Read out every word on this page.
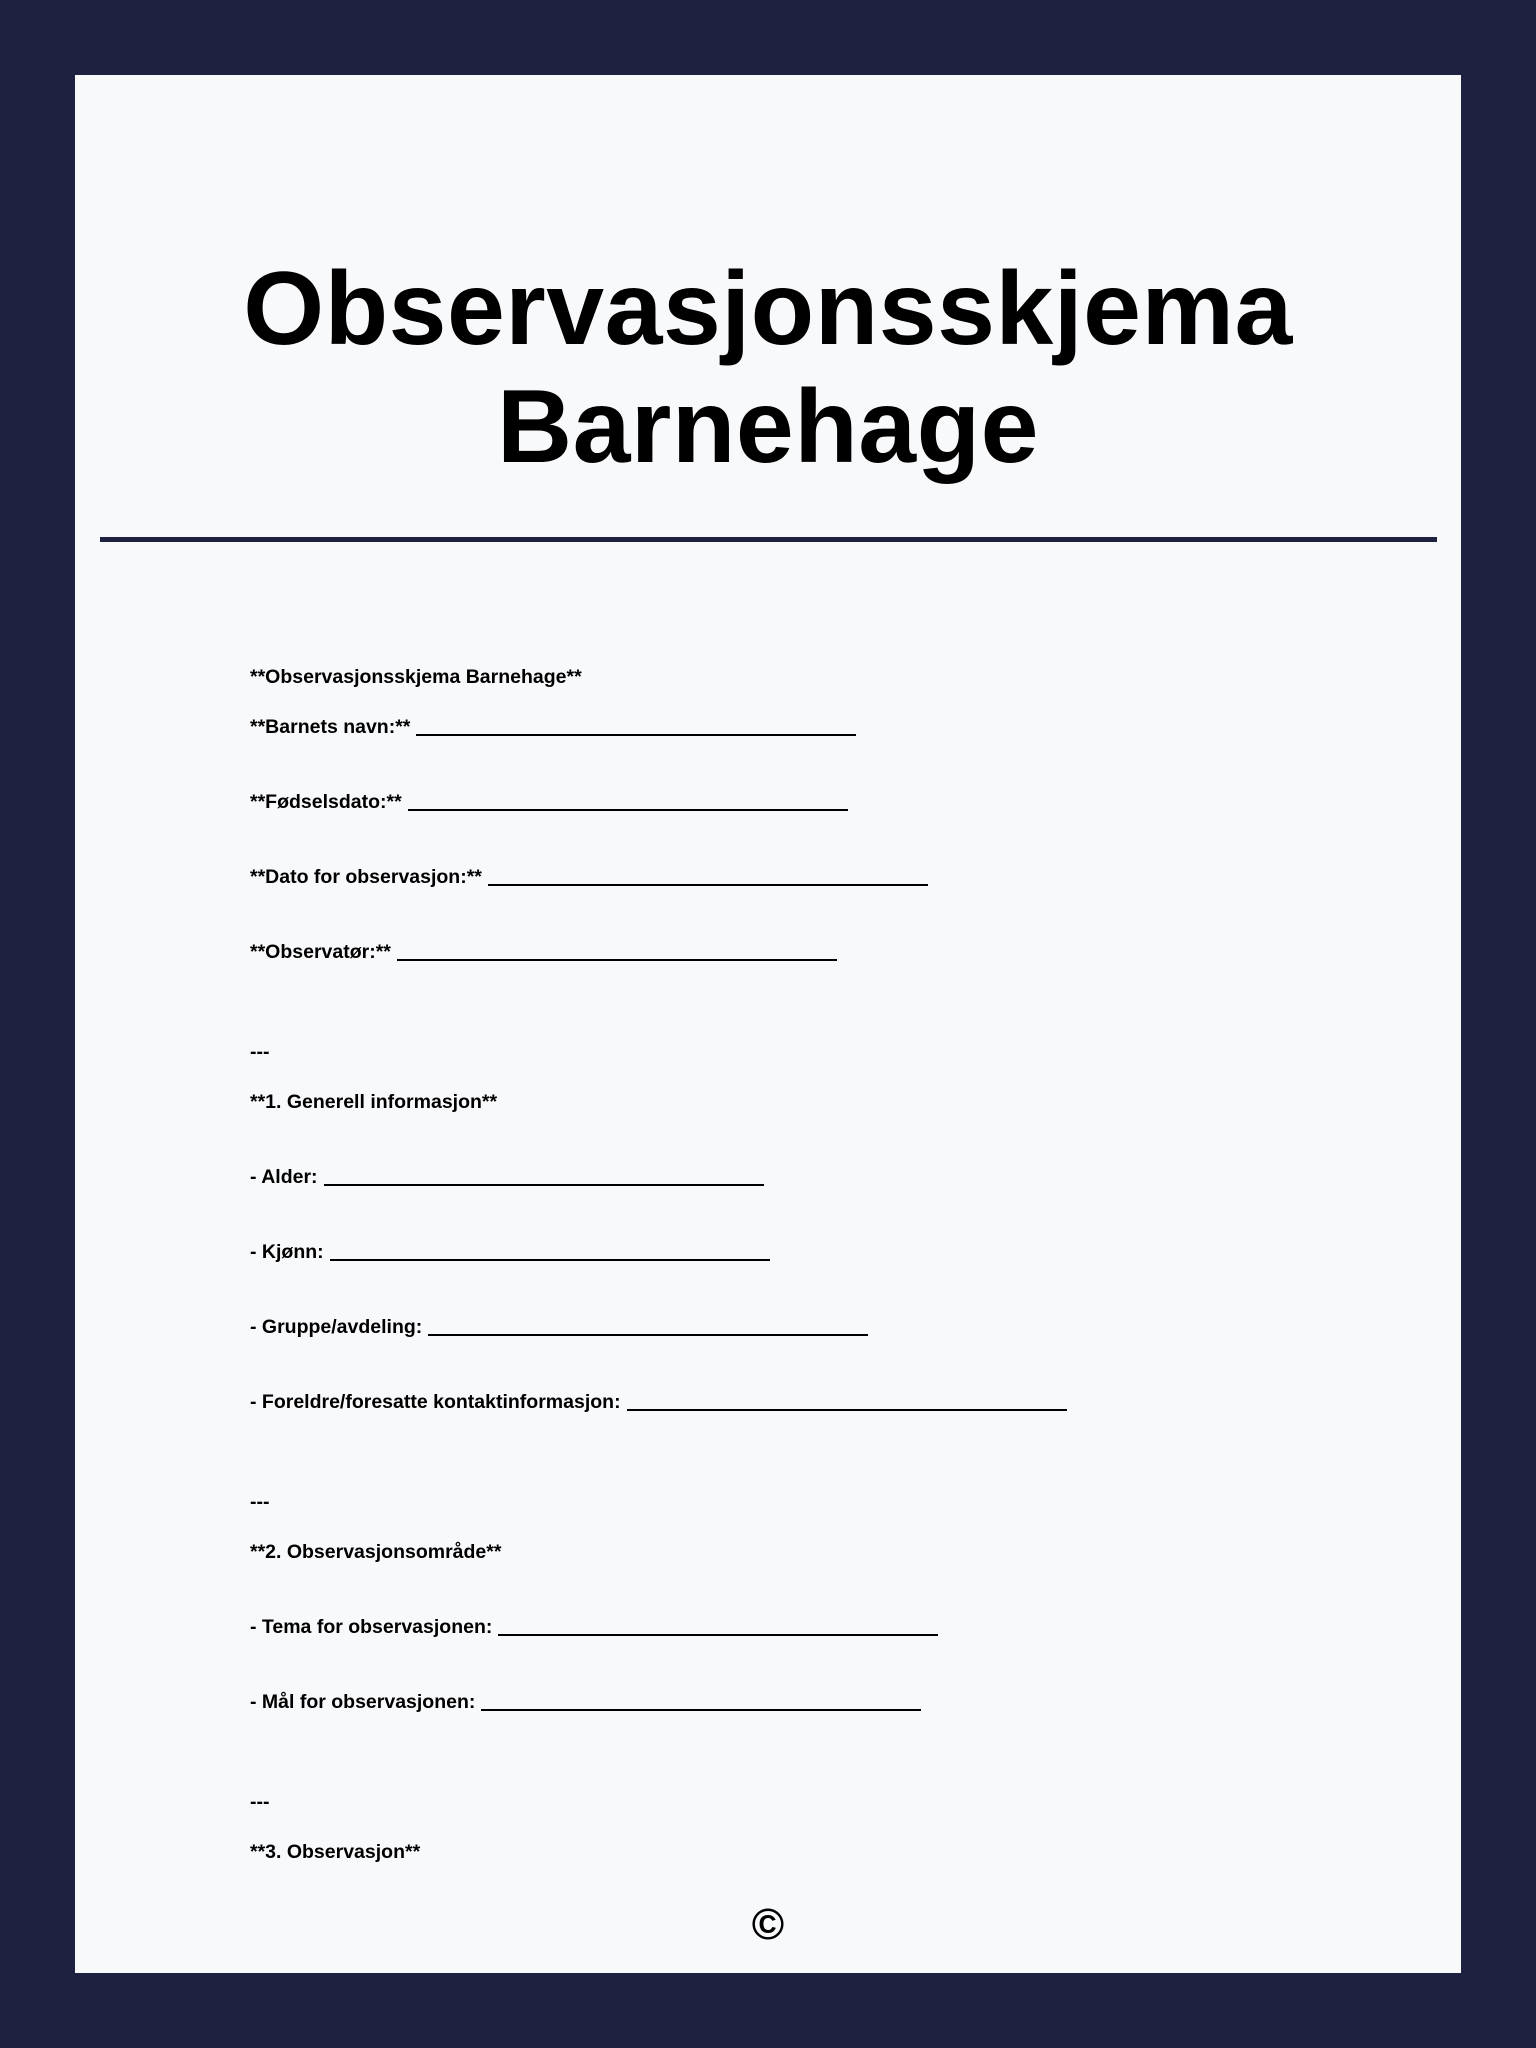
Observasjonsskjema
Barnehage
**Observasjonsskjema Barnehage**
**Barnets navn:**
**Fødselsdato:**
**Dato for observasjon:**
**Observatør:**
---
**1. Generell informasjon**
- Alder:
- Kjønn:
- Gruppe/avdeling:
- Foreldre/foresatte kontaktinformasjon:
---
**2. Observasjonsområde**
- Tema for observasjonen:
- Mål for observasjonen:
---
**3. Observasjon**
©
